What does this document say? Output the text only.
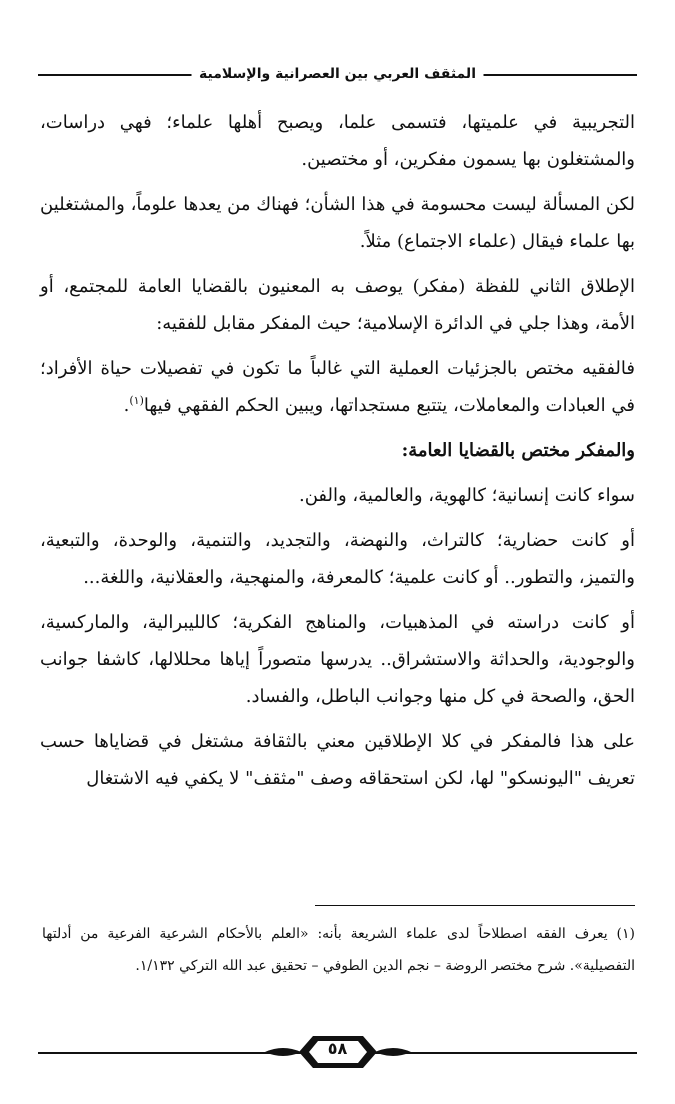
المثقف العربي بين العصرانية والإسلامية

التجريبية في علميتها، فتسمى علما، ويصبح أهلها علماء؛ فهي دراسات، والمشتغلون بها يسمون مفكرين، أو مختصين.

لكن المسألة ليست محسومة في هذا الشأن؛ فهناك من يعدها علوماً، والمشتغلين بها علماء فيقال (علماء الاجتماع) مثلاً.

الإطلاق الثاني للفظة (مفكر) يوصف به المعنيون بالقضايا العامة للمجتمع، أو الأمة، وهذا جلي في الدائرة الإسلامية؛ حيث المفكر مقابل للفقيه:

فالفقيه مختص بالجزئيات العملية التي غالباً ما تكون في تفصيلات حياة الأفراد؛ في العبادات والمعاملات، يتتبع مستجداتها، ويبين الحكم الفقهي فيها$^{(١)}$.

والمفكر مختص بالقضايا العامة:

سواء كانت إنسانية؛ كالهوية، والعالمية، والفن.

أو كانت حضارية؛ كالتراث، والنهضة، والتجديد، والتنمية، والوحدة، والتبعية، والتميز، والتطور.. أو كانت علمية؛ كالمعرفة، والمنهجية، والعقلانية، واللغة...

أو كانت دراسته في المذهبيات، والمناهج الفكرية؛ كالليبرالية، والماركسية، والوجودية، والحداثة والاستشراق.. يدرسها متصوراً إياها محللالها، كاشفا جوانب الحق، والصحة في كل منها وجوانب الباطل، والفساد.

على هذا فالمفكر في كلا الإطلاقين معني بالثقافة مشتغل في قضاياها حسب تعريف "اليونسكو" لها، لكن استحقاقه وصف "مثقف" لا يكفي فيه الاشتغال

(١) يعرف الفقه اصطلاحاً لدى علماء الشريعة بأنه: «العلم بالأحكام الشرعية الفرعية من أدلتها التفصيلية». شرح مختصر الروضة – نجم الدين الطوفي – تحقيق عبد الله التركي ١/١٣٢.
٥٨
